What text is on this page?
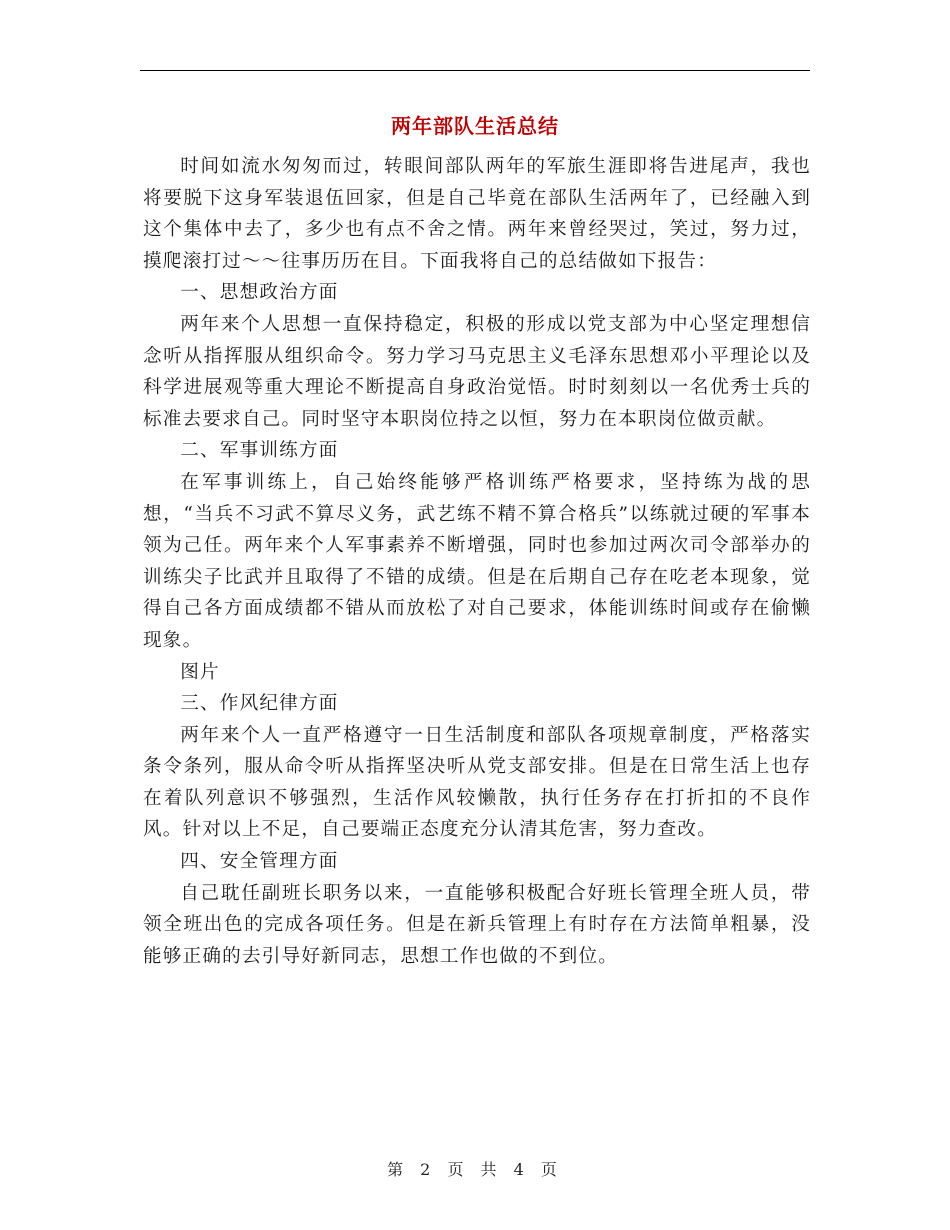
两年部队生活总结

时间如流水匆匆而过，转眼间部队两年的军旅生涯即将告进尾声，我也将要脱下这身军装退伍回家，但是自己毕竟在部队生活两年了，已经融入到这个集体中去了，多少也有点不舍之情。两年来曾经哭过，笑过，努力过，摸爬滚打过～～往事历历在目。下面我将自己的总结做如下报告：

一、思想政治方面

两年来个人思想一直保持稳定，积极的形成以党支部为中心坚定理想信念听从指挥服从组织命令。努力学习马克思主义毛泽东思想邓小平理论以及科学进展观等重大理论不断提高自身政治觉悟。时时刻刻以一名优秀士兵的标准去要求自己。同时坚守本职岗位持之以恒，努力在本职岗位做贡献。

二、军事训练方面

在军事训练上，自己始终能够严格训练严格要求，坚持练为战的思想，“当兵不习武不算尽义务，武艺练不精不算合格兵”以练就过硬的军事本领为己任。两年来个人军事素养不断增强，同时也参加过两次司令部举办的训练尖子比武并且取得了不错的成绩。但是在后期自己存在吃老本现象，觉得自己各方面成绩都不错从而放松了对自己要求，体能训练时间或存在偷懒现象。

图片

三、作风纪律方面

两年来个人一直严格遵守一日生活制度和部队各项规章制度，严格落实条令条列，服从命令听从指挥坚决听从党支部安排。但是在日常生活上也存在着队列意识不够强烈，生活作风较懒散，执行任务存在打折扣的不良作风。针对以上不足，自己要端正态度充分认清其危害，努力查改。

四、安全管理方面

自己耽任副班长职务以来，一直能够积极配合好班长管理全班人员，带领全班出色的完成各项任务。但是在新兵管理上有时存在方法简单粗暴，没能够正确的去引导好新同志，思想工作也做的不到位。

第 2 页 共 4 页
